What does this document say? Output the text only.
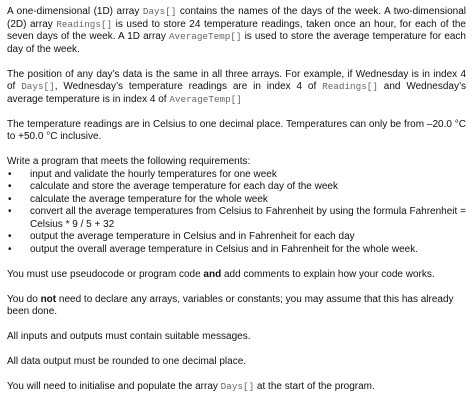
A one-dimensional (1D) array Days[] contains the names of the days of the week. A two-dimensional (2D) array Readings[] is used to store 24 temperature readings, taken once an hour, for each of the seven days of the week. A 1D array AverageTemp[] is used to store the average temperature for each day of the week.

The position of any day’s data is the same in all three arrays. For example, if Wednesday is in index 4 of Days[], Wednesday’s temperature readings are in index 4 of Readings[] and Wednesday’s average temperature is in index 4 of AverageTemp[]

The temperature readings are in Celsius to one decimal place. Temperatures can only be from –20.0 °C to +50.0 °C inclusive.

Write a program that meets the following requirements:

• input and validate the hourly temperatures for one week
• calculate and store the average temperature for each day of the week
• calculate the average temperature for the whole week
• convert all the average temperatures from Celsius to Fahrenheit by using the formula Fahrenheit = Celsius * 9 / 5 + 32
• output the average temperature in Celsius and in Fahrenheit for each day
• output the overall average temperature in Celsius and in Fahrenheit for the whole week.

You must use pseudocode or program code and add comments to explain how your code works.

You do not need to declare any arrays, variables or constants; you may assume that this has already been done.

All inputs and outputs must contain suitable messages.

All data output must be rounded to one decimal place.

You will need to initialise and populate the array Days[] at the start of the program.
